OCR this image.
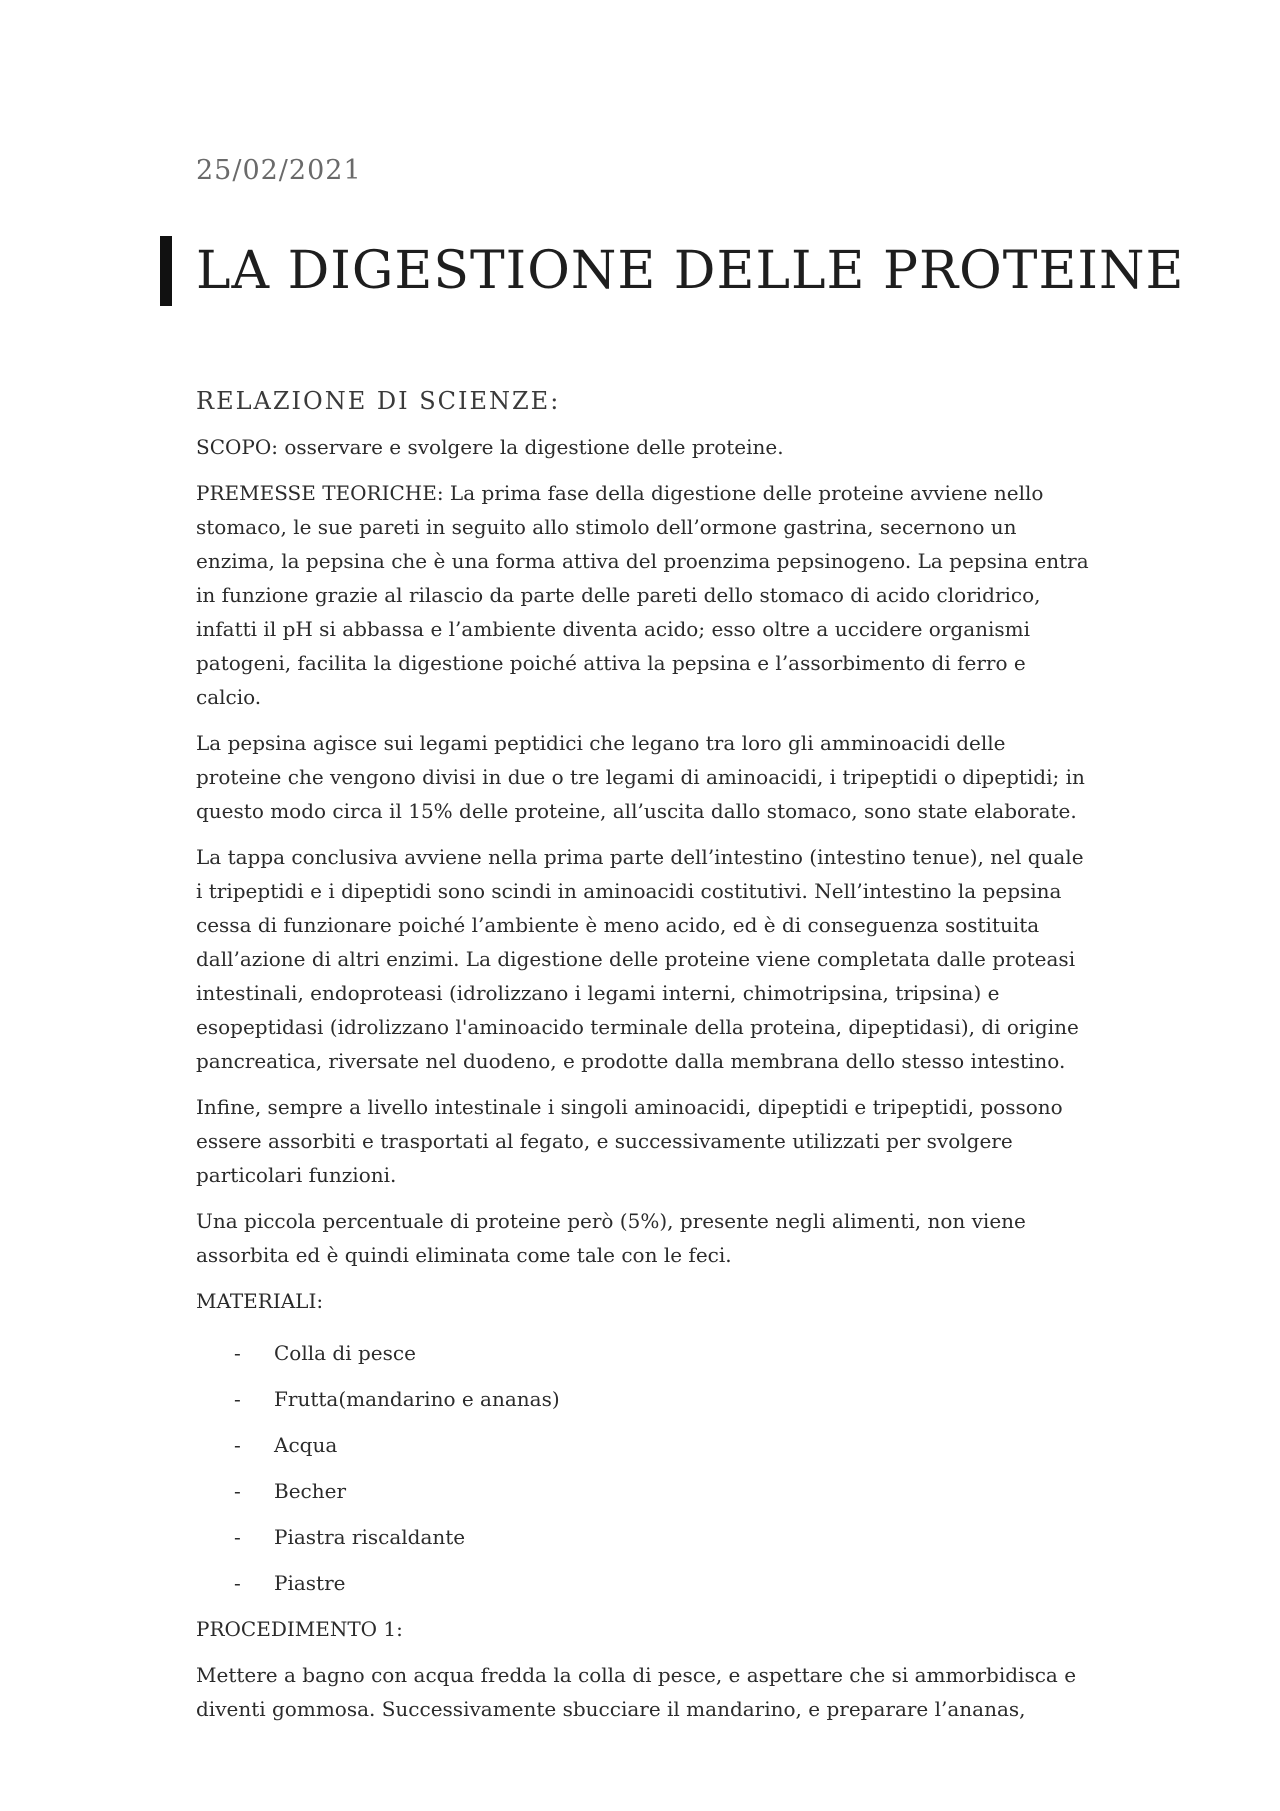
25/02/2021
LA DIGESTIONE DELLE PROTEINE
RELAZIONE DI SCIENZE:

SCOPO: osservare e svolgere la digestione delle proteine.

PREMESSE TEORICHE: La prima fase della digestione delle proteine avviene nello stomaco, le sue pareti in seguito allo stimolo dell’ormone gastrina, secernono un enzima, la pepsina che è una forma attiva del proenzima pepsinogeno. La pepsina entra in funzione grazie al rilascio da parte delle pareti dello stomaco di acido cloridrico, infatti il pH si abbassa e l’ambiente diventa acido; esso oltre a uccidere organismi patogeni, facilita la digestione poiché attiva la pepsina e l’assorbimento di ferro e calcio.

La pepsina agisce sui legami peptidici che legano tra loro gli amminoacidi delle proteine che vengono divisi in due o tre legami di aminoacidi, i tripeptidi o dipeptidi; in questo modo circa il 15% delle proteine, all’uscita dallo stomaco, sono state elaborate.

La tappa conclusiva avviene nella prima parte dell’intestino (intestino tenue), nel quale i tripeptidi e i dipeptidi sono scindi in aminoacidi costitutivi. Nell’intestino la pepsina cessa di funzionare poiché l’ambiente è meno acido, ed è di conseguenza sostituita dall’azione di altri enzimi. La digestione delle proteine viene completata dalle proteasi intestinali, endoproteasi (idrolizzano i legami interni, chimotripsina, tripsina) e esopeptidasi (idrolizzano l'aminoacido terminale della proteina, dipeptidasi), di origine pancreatica, riversate nel duodeno, e prodotte dalla membrana dello stesso intestino.

Infine, sempre a livello intestinale i singoli aminoacidi, dipeptidi e tripeptidi, possono essere assorbiti e trasportati al fegato, e successivamente utilizzati per svolgere particolari funzioni.

Una piccola percentuale di proteine però (5%), presente negli alimenti, non viene assorbita ed è quindi eliminata come tale con le feci.

MATERIALI:

- Colla di pesce
- Frutta(mandarino e ananas)
- Acqua
- Becher
- Piastra riscaldante
- Piastre

PROCEDIMENTO 1:

Mettere a bagno con acqua fredda la colla di pesce, e aspettare che si ammorbidisca e diventi gommosa. Successivamente sbucciare il mandarino, e preparare l’ananas,
